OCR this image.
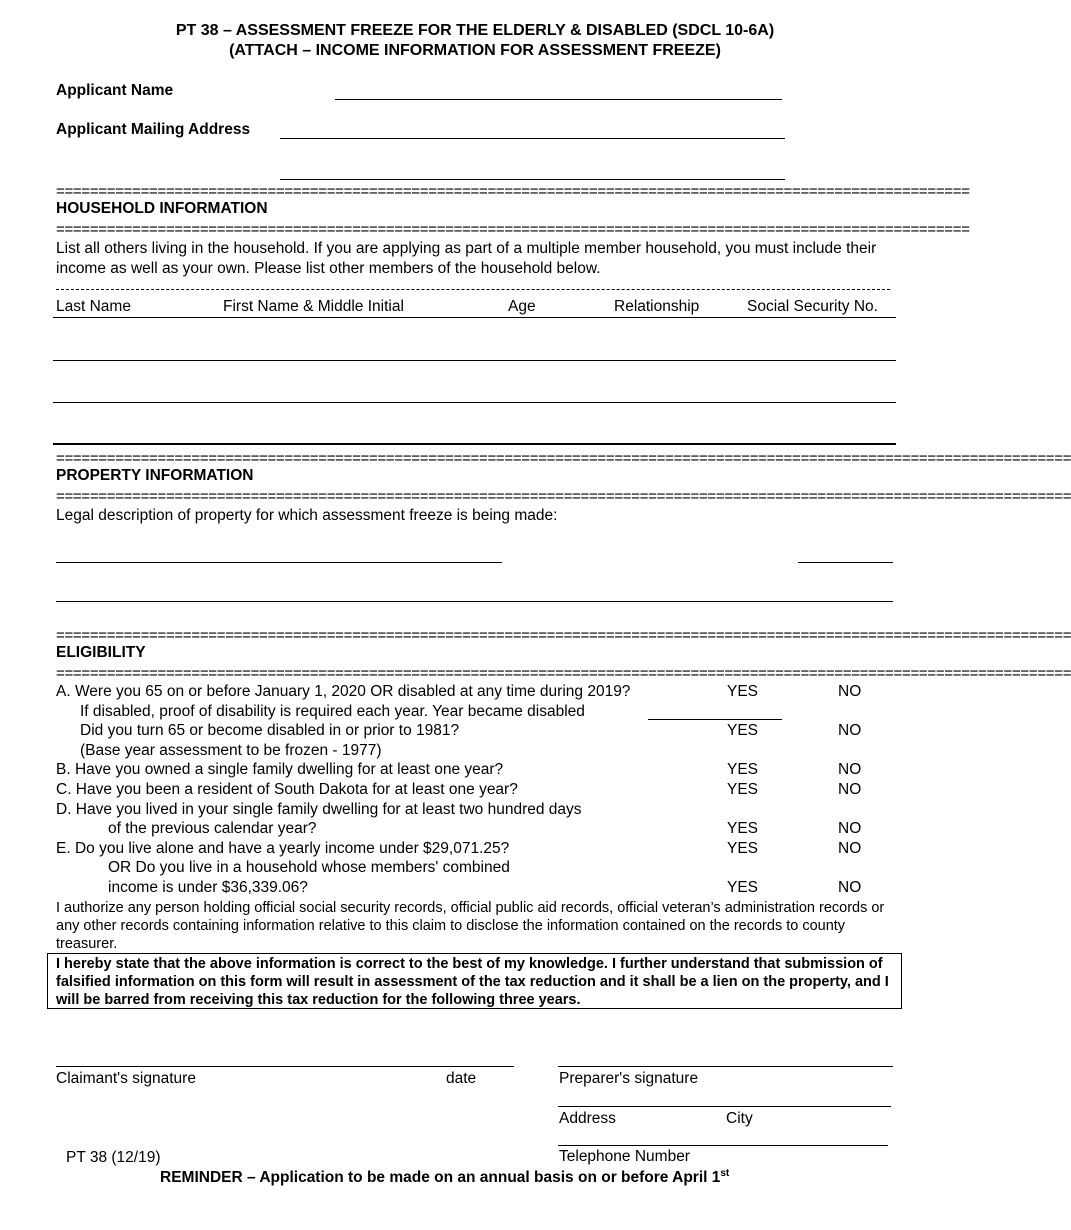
PT 38 – ASSESSMENT FREEZE FOR THE ELDERLY & DISABLED (SDCL 10-6A)
(ATTACH – INCOME INFORMATION FOR ASSESSMENT FREEZE)
Applicant Name
Applicant Mailing Address
============================================================================================================
HOUSEHOLD INFORMATION
============================================================================================================
List all others living in the household. If you are applying as part of a multiple member household, you must include their income as well as your own. Please list other members of the household below.
Last Name	First Name & Middle Initial	Age	Relationship	Social Security No.
========================================================================================================================
PROPERTY INFORMATION
========================================================================================================================
Legal description of property for which assessment freeze is being made:
========================================================================================================================
ELIGIBILITY
========================================================================================================================
A. Were you 65 on or before January 1, 2020 OR disabled at any time during 2019?	YES	NO
If disabled, proof of disability is required each year. Year became disabled
Did you turn 65 or become disabled in or prior to 1981?	YES	NO
(Base year assessment to be frozen - 1977)
B. Have you owned a single family dwelling for at least one year?	YES	NO
C. Have you been a resident of South Dakota for at least one year?	YES	NO
D. Have you lived in your single family dwelling for at least two hundred days
of the previous calendar year?	YES	NO
E. Do you live alone and have a yearly income under $29,071.25?	YES	NO
OR Do you live in a household whose members' combined
income is under $36,339.06?	YES	NO
I authorize any person holding official social security records, official public aid records, official veteran’s administration records or any other records containing information relative to this claim to disclose the information contained on the records to county treasurer.
I hereby state that the above information is correct to the best of my knowledge. I further understand that submission of falsified information on this form will result in assessment of the tax reduction and it shall be a lien on the property, and I will be barred from receiving this tax reduction for the following three years.
Claimant's signature	date	Preparer's signature
Address	City
Telephone Number
PT 38 (12/19)
REMINDER – Application to be made on an annual basis on or before April 1st
